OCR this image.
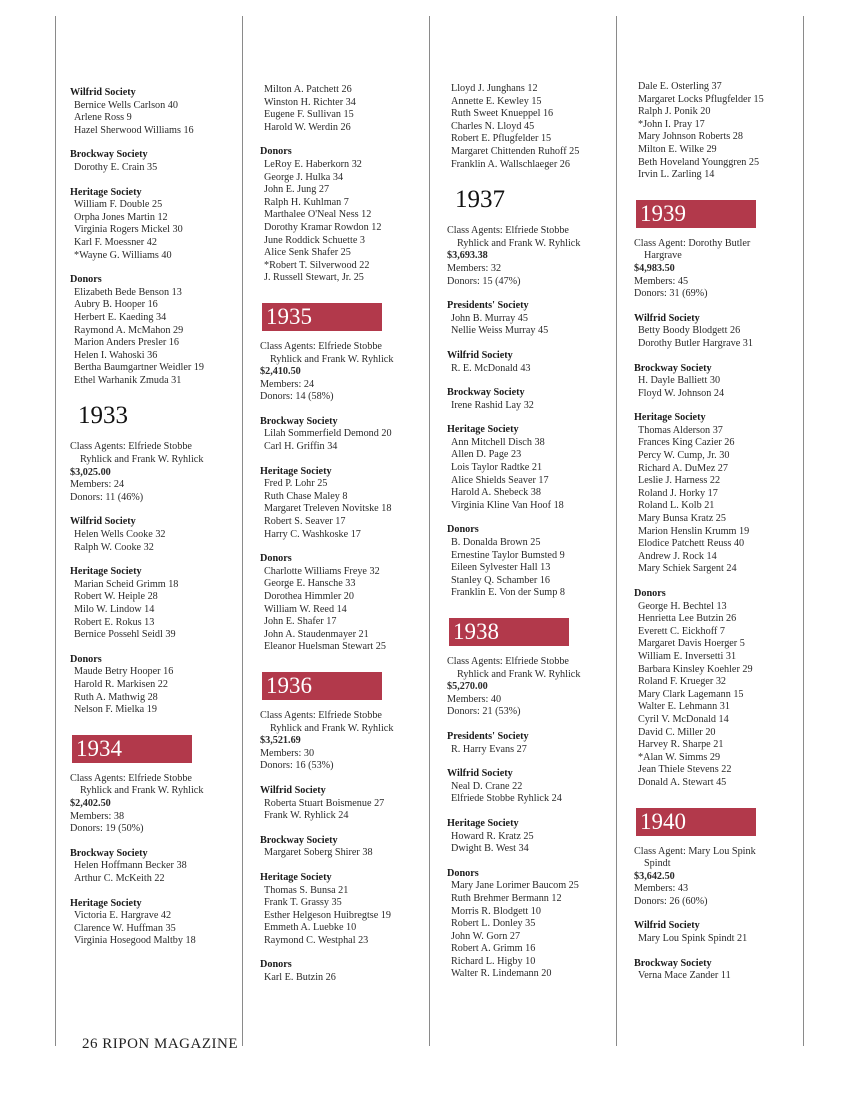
Wilfrid Society
Bernice Wells Carlson 40
Arlene Ross 9
Hazel Sherwood Williams 16
Brockway Society
Dorothy E. Crain 35
Heritage Society
William F. Double 25
Orpha Jones Martin 12
Virginia Rogers Mickel 30
Karl F. Moessner 42
*Wayne G. Williams 40
Donors
Elizabeth Bede Benson 13
Aubry B. Hooper 16
Herbert E. Kaeding 34
Raymond A. McMahon 29
Marion Anders Presler 16
Helen I. Wahoski 36
Bertha Baumgartner Weidler 19
Ethel Warhanik Zmuda 31
1933
Class Agents: Elfriede Stobbe
Ryhlick and Frank W. Ryhlick
$3,025.00
Members: 24
Donors: 11 (46%)
Wilfrid Society
Helen Wells Cooke 32
Ralph W. Cooke 32
Heritage Society
Marian Scheid Grimm 18
Robert W. Heiple 28
Milo W. Lindow 14
Robert E. Rokus 13
Bernice Possehl Seidl 39
Donors
Maude Betry Hooper 16
Harold R. Markisen 22
Ruth A. Mathwig 28
Nelson F. Mielka 19
1934
Class Agents: Elfriede Stobbe
Ryhlick and Frank W. Ryhlick
$2,402.50
Members: 38
Donors: 19 (50%)
Brockway Society
Helen Hoffmann Becker 38
Arthur C. McKeith 22
Heritage Society
Victoria E. Hargrave 42
Clarence W. Huffman 35
Virginia Hosegood Maltby 18
Milton A. Patchett 26
Winston H. Richter 34
Eugene F. Sullivan 15
Harold W. Werdin 26
Donors
LeRoy E. Haberkorn 32
George J. Hulka 34
John E. Jung 27
Ralph H. Kuhlman 7
Marthalee O'Neal Ness 12
Dorothy Kramar Rowdon 12
June Roddick Schuette 3
Alice Senk Shafer 25
*Robert T. Silverwood 22
J. Russell Stewart, Jr. 25
1935
Class Agents: Elfriede Stobbe
Ryhlick and Frank W. Ryhlick
$2,410.50
Members: 24
Donors: 14 (58%)
Brockway Society
Lilah Sommerfield Demond 20
Carl H. Griffin 34
Heritage Society
Fred P. Lohr 25
Ruth Chase Maley 8
Margaret Treleven Novitske 18
Robert S. Seaver 17
Harry C. Washkoske 17
Donors
Charlotte Williams Freye 32
George E. Hansche 33
Dorothea Himmler 20
William W. Reed 14
John E. Shafer 17
John A. Staudenmayer 21
Eleanor Huelsman Stewart 25
1936
Class Agents: Elfriede Stobbe
Ryhlick and Frank W. Ryhlick
$3,521.69
Members: 30
Donors: 16 (53%)
Wilfrid Society
Roberta Stuart Boismenue 27
Frank W. Ryhlick 24
Brockway Society
Margaret Soberg Shirer 38
Heritage Society
Thomas S. Bunsa 21
Frank T. Grassy 35
Esther Helgeson Huibregtse 19
Emmeth A. Luebke 10
Raymond C. Westphal 23
Donors
Karl E. Butzin 26
Lloyd J. Junghans 12
Annette E. Kewley 15
Ruth Sweet Knueppel 16
Charles N. Lloyd 45
Robert E. Pflugfelder 15
Margaret Chittenden Ruhoff 25
Franklin A. Wallschlaeger 26
1937
Class Agents: Elfriede Stobbe
Ryhlick and Frank W. Ryhlick
$3,693.38
Members: 32
Donors: 15 (47%)
Presidents' Society
John B. Murray 45
Nellie Weiss Murray 45
Wilfrid Society
R. E. McDonald 43
Brockway Society
Irene Rashid Lay 32
Heritage Society
Ann Mitchell Disch 38
Allen D. Page 23
Lois Taylor Radtke 21
Alice Shields Seaver 17
Harold A. Shebeck 38
Virginia Kline Van Hoof 18
Donors
B. Donalda Brown 25
Ernestine Taylor Bumsted 9
Eileen Sylvester Hall 13
Stanley Q. Schamber 16
Franklin E. Von der Sump 8
1938
Class Agents: Elfriede Stobbe
Ryhlick and Frank W. Ryhlick
$5,270.00
Members: 40
Donors: 21 (53%)
Presidents' Society
R. Harry Evans 27
Wilfrid Society
Neal D. Crane 22
Elfriede Stobbe Ryhlick 24
Heritage Society
Howard R. Kratz 25
Dwight B. West 34
Donors
Mary Jane Lorimer Baucom 25
Ruth Brehmer Bermann 12
Morris R. Blodgett 10
Robert L. Donley 35
John W. Gorn 27
Robert A. Grimm 16
Richard L. Higby 10
Walter R. Lindemann 20
Dale E. Osterling 37
Margaret Locks Pflugfelder 15
Ralph J. Ponik 20
*John I. Pray 17
Mary Johnson Roberts 28
Milton E. Wilke 29
Beth Hoveland Younggren 25
Irvin L. Zarling 14
1939
Class Agent: Dorothy Butler
Hargrave
$4,983.50
Members: 45
Donors: 31 (69%)
Wilfrid Society
Betty Boody Blodgett 26
Dorothy Butler Hargrave 31
Brockway Society
H. Dayle Balliett 30
Floyd W. Johnson 24
Heritage Society
Thomas Alderson 37
Frances King Cazier 26
Percy W. Cump, Jr. 30
Richard A. DuMez 27
Leslie J. Harness 22
Roland J. Horky 17
Roland L. Kolb 21
Mary Bunsa Kratz 25
Marion Henslin Krumm 19
Elodice Patchett Reuss 40
Andrew J. Rock 14
Mary Schiek Sargent 24
Donors
George H. Bechtel 13
Henrietta Lee Butzin 26
Everett C. Eickhoff 7
Margaret Davis Hoerger 5
William E. Inversetti 31
Barbara Kinsley Koehler 29
Roland F. Krueger 32
Mary Clark Lagemann 15
Walter E. Lehmann 31
Cyril V. McDonald 14
David C. Miller 20
Harvey R. Sharpe 21
*Alan W. Simms 29
Jean Thiele Stevens 22
Donald A. Stewart 45
1940
Class Agent: Mary Lou Spink
Spindt
$3,642.50
Members: 43
Donors: 26 (60%)
Wilfrid Society
Mary Lou Spink Spindt 21
Brockway Society
Verna Mace Zander 11
26 RIPON MAGAZINE
